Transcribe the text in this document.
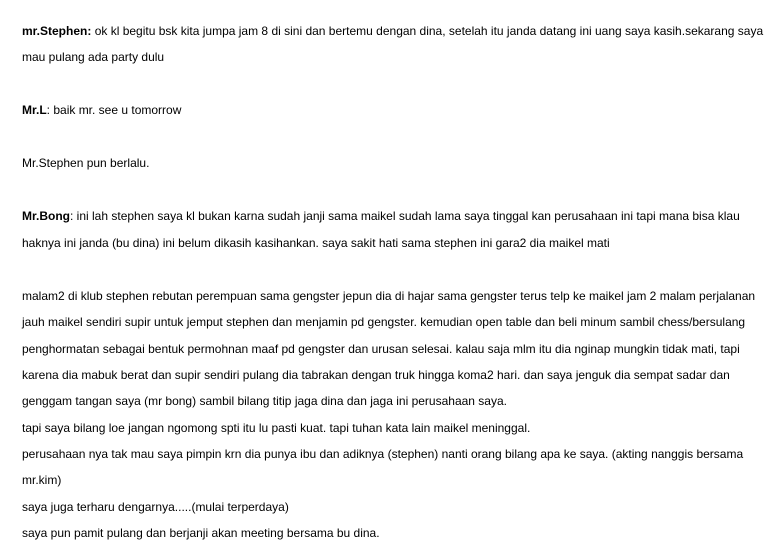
mr.Stephen: ok kl begitu bsk kita jumpa jam 8 di sini dan bertemu dengan dina, setelah itu janda datang ini uang saya kasih.sekarang saya
mau pulang ada party dulu
Mr.L: baik mr. see u tomorrow
Mr.Stephen pun berlalu.
Mr.Bong: ini lah stephen saya kl bukan karna sudah janji sama maikel sudah lama saya tinggal kan perusahaan ini tapi mana bisa klau
haknya ini janda (bu dina) ini belum dikasih kasihankan. saya sakit hati sama stephen ini gara2 dia maikel mati
malam2 di klub stephen rebutan perempuan sama gengster jepun dia di hajar sama gengster terus telp ke maikel jam 2 malam perjalanan
jauh maikel sendiri supir untuk jemput stephen dan menjamin pd gengster. kemudian open table dan beli minum sambil chess/bersulang
penghormatan sebagai bentuk permohnan maaf pd gengster dan urusan selesai. kalau saja mlm itu dia nginap mungkin tidak mati, tapi
karena dia mabuk berat dan supir sendiri pulang dia tabrakan dengan truk hingga koma2 hari. dan saya jenguk dia sempat sadar dan
genggam tangan saya (mr bong) sambil bilang titip jaga dina dan jaga ini perusahaan saya.
tapi saya bilang loe jangan ngomong spti itu lu pasti kuat. tapi tuhan kata lain maikel meninggal.
perusahaan nya tak mau saya pimpin krn dia punya ibu dan adiknya (stephen) nanti orang bilang apa ke saya. (akting nanggis bersama
mr.kim)
saya juga terharu dengarnya.....(mulai terperdaya)
saya pun pamit pulang dan berjanji akan meeting bersama bu dina.
